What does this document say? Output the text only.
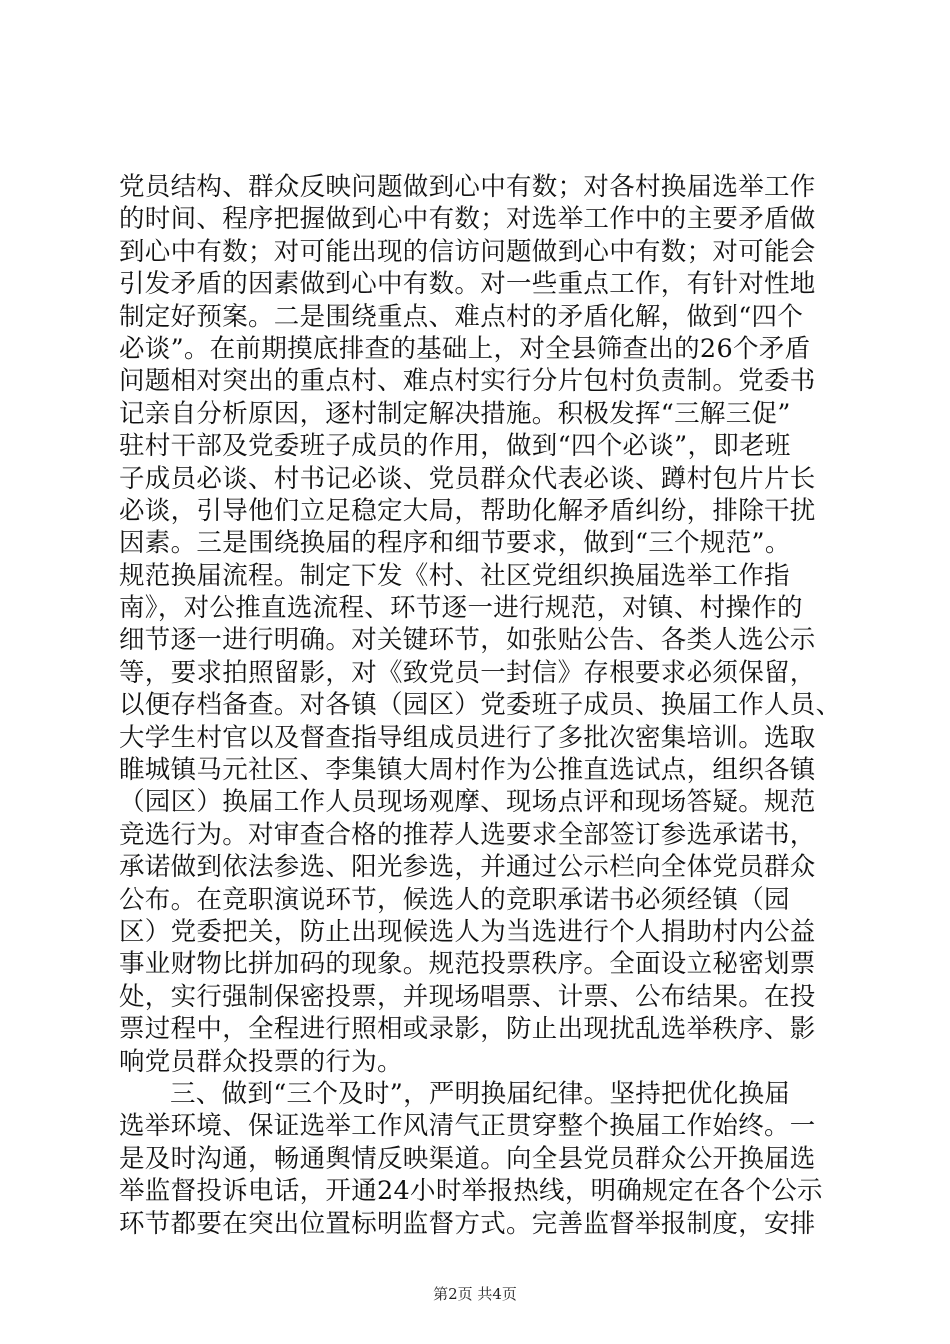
党员结构、群众反映问题做到心中有数；对各村换届选举工作
的时间、程序把握做到心中有数；对选举工作中的主要矛盾做
到心中有数；对可能出现的信访问题做到心中有数；对可能会
引发矛盾的因素做到心中有数。对一些重点工作，有针对性地
制定好预案。二是围绕重点、难点村的矛盾化解，做到“四个
必谈”。在前期摸底排查的基础上，对全县筛查出的26个矛盾
问题相对突出的重点村、难点村实行分片包村负责制。党委书
记亲自分析原因，逐村制定解决措施。积极发挥“三解三促”
驻村干部及党委班子成员的作用，做到“四个必谈”，即老班
子成员必谈、村书记必谈、党员群众代表必谈、蹲村包片片长
必谈，引导他们立足稳定大局，帮助化解矛盾纠纷，排除干扰
因素。三是围绕换届的程序和细节要求，做到“三个规范”。
规范换届流程。制定下发《村、社区党组织换届选举工作指
南》，对公推直选流程、环节逐一进行规范，对镇、村操作的
细节逐一进行明确。对关键环节，如张贴公告、各类人选公示
等，要求拍照留影，对《致党员一封信》存根要求必须保留，
以便存档备查。对各镇（园区）党委班子成员、换届工作人员、
大学生村官以及督查指导组成员进行了多批次密集培训。选取
睢城镇马元社区、李集镇大周村作为公推直选试点，组织各镇
（园区）换届工作人员现场观摩、现场点评和现场答疑。规范
竞选行为。对审查合格的推荐人选要求全部签订参选承诺书，
承诺做到依法参选、阳光参选，并通过公示栏向全体党员群众
公布。在竞职演说环节，候选人的竞职承诺书必须经镇（园
区）党委把关，防止出现候选人为当选进行个人捐助村内公益
事业财物比拼加码的现象。规范投票秩序。全面设立秘密划票
处，实行强制保密投票，并现场唱票、计票、公布结果。在投
票过程中，全程进行照相或录影，防止出现扰乱选举秩序、影
响党员群众投票的行为。
三、做到“三个及时”，严明换届纪律。坚持把优化换届
选举环境、保证选举工作风清气正贯穿整个换届工作始终。一
是及时沟通，畅通舆情反映渠道。向全县党员群众公开换届选
举监督投诉电话，开通24小时举报热线，明确规定在各个公示
环节都要在突出位置标明监督方式。完善监督举报制度，安排
第2页 共4页
